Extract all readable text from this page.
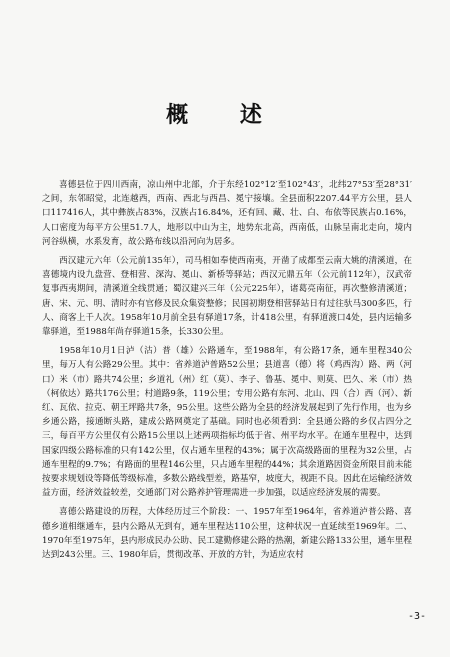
概 述

喜德县位于四川西南，凉山州中北部，介于东经102°12′至102°43′，北纬27°53′至28°31′之间，东邻昭觉，北连越西，西南、西北与西昌、冕宁接壤。全县面积2207.44平方公里，县人口117416人，其中彝族占83%，汉族占16.84%，还有回、藏、壮、白、布依等民族占0.16%，人口密度为每平方公里51.7人，地形以中山为主，地势东北高，西南低，山脉呈南北走向，境内河谷纵横，水系发育，故公路布线以沿河向为居多。

西汉建元六年（公元前135年），司马相如奉使西南夷，开凿了成都至云南大姚的清溪道，在喜德境内设九盘营、登相营、深沟、冕山、新桥等驿站；西汉元鼎五年（公元前112年），汉武帝复事西夷期间，清溪道全线贯通；蜀汉建兴三年（公元225年），诸葛亮南征，再次整修清溪道；唐、宋、元、明、清时亦有官修及民众集资整修；民国初期登相营驿站日有过往驮马300多匹，行人、商客上千人次。1958年10月前全县有驿道17条，计418公里，有驿道渡口4处，县内运输多靠驿道，至1988年尚存驿道15条，长330公里。

1958年10月1日泸（沽）普（雄）公路通车，至1988年，有公路17条，通车里程340公里，每万人有公路29公里。其中：省养道泸普路52公里；县道喜（德）将（鸡西沟）路、两（河口）米（市）路共74公里；乡道礼（州）红（莫）、李子、鲁基、冕中、则莫、巴久、米（市）热（柯依达）路共176公里；村道路9条，119公里；专用公路有东河、北山、四（合）西（河）、新红、瓦依、拉克、朝王坪路共7条，95公里。这些公路为全县的经济发展起到了先行作用，也为乡乡通公路，接通断头路，建成公路网奠定了基础。同时也必须看到：全县通公路的乡仅占四分之三，每百平方公里仅有公路15公里以上述两项指标均低于省、州平均水平。在通车里程中，达到国家四级公路标准的只有142公里，仅占通车里程的43%；属于次高级路面的里程为32公里，占通车里程的9.7%；有路面的里程146公里，只占通车里程的44%；其余道路因资金所限目前未能按要求规划设等降低等级标准，多数公路线型差，路基窄，坡度大，视距不良。因此在运输经济效益方面，经济效益较差，交通部门对公路养护管理需进一步加强，以适应经济发展的需要。

喜德公路建设的历程，大体经历过三个阶段：一、1957年至1964年，省养道泸普公路、喜德乡道相继通车，县内公路从无到有，通车里程达110公里，这种状况一直延续至1969年。二、1970年至1975年，县内形成民办公助、民工建勤修建公路的热潮，新建公路133公里，通车里程达到243公里。三、1980年后，贯彻改革、开放的方针，为适应农村

-3-
